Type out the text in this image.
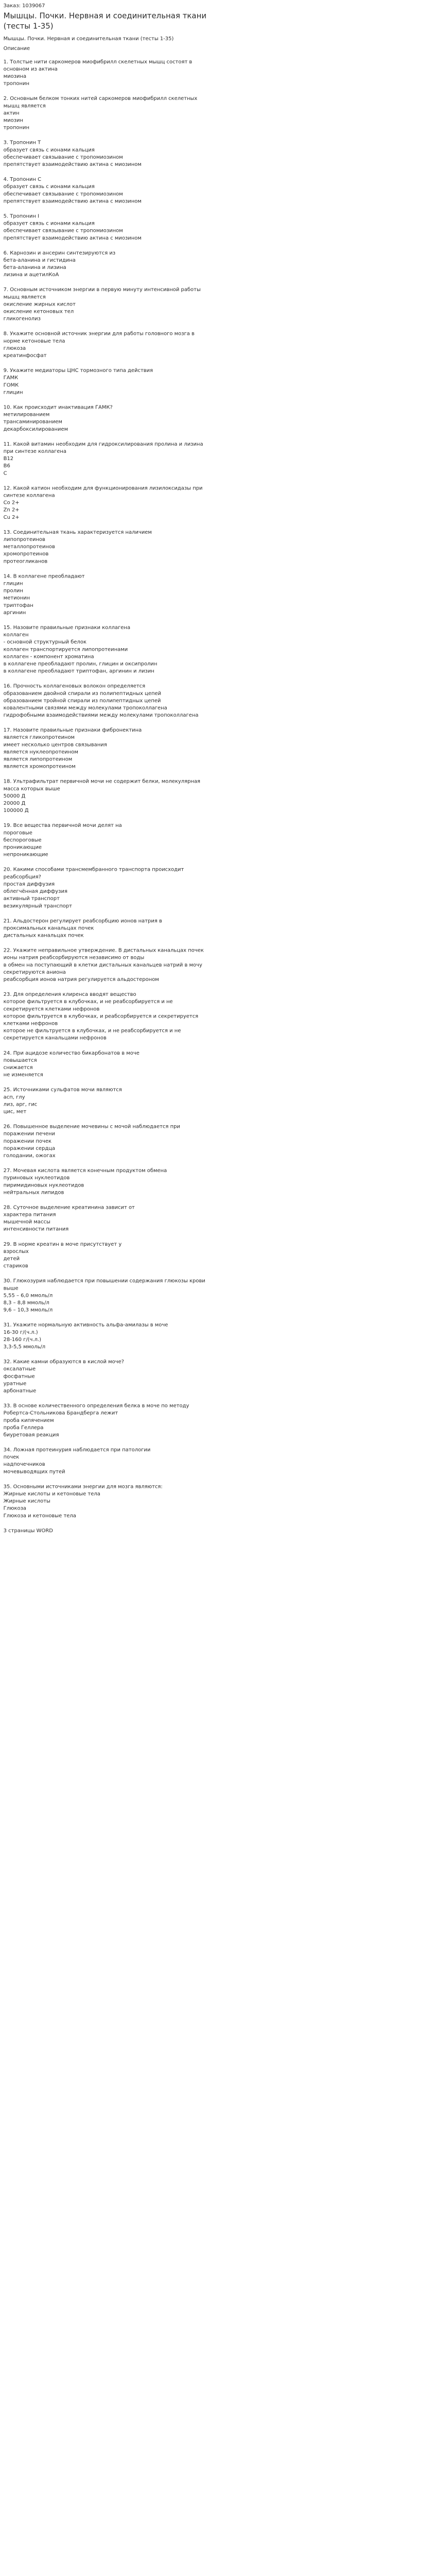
Заказ: 1039067
Мышцы. Почки. Нервная и соединительная ткани (тесты 1-35)
Мышцы. Почки. Нервная и соединительная ткани (тесты 1-35)
Описание
1. Толстые нити саркомеров миофибрилл скелетных мышц состоят в основном из актина
миозина
тропонин
2. Основным белком тонких нитей саркомеров миофибрилл скелетных мышц является
актин
миозин
тропонин
3. Тропонин Т
образует связь с ионами кальция
обеспечивает связывание с тропомиозином
препятствует взаимодействию актина с миозином
4. Тропонин С
образует связь с ионами кальция
обеспечивает связывание с тропомиозином
препятствует взаимодействию актина с миозином
5. Тропонин I
образует связь с ионами кальция
обеспечивает связывание с тропомиозином
препятствует взаимодействию актина с миозином
6. Карнозин и ансерин синтезируются из
бета-аланина и гистидина
бета-аланина и лизина
лизина и ацетилКоА
7. Основным источником энергии в первую минуту интенсивной работы мышц является
окисление жирных кислот
окисление кетоновых тел
гликогенолиз
8. Укажите основной источник энергии для работы головного мозга в норме кетоновые тела
глюкоза
креатинфосфат
9. Укажите медиаторы ЦНС тормозного типа действия
ГАМК
ГОМК
глицин
10. Как происходит инактивация ГАМК?
метилированием
трансаминированием
декарбоксилированием
11. Какой витамин необходим для гидроксилирования пролина и лизина при синтезе коллагена
В12
В6
С
12. Какой катион необходим для функционирования лизилоксидазы при синтезе коллагена
Co 2+
Zn 2+
Cu 2+
13. Соединительная ткань характеризуется наличием
липопротеинов
металлопротеинов
хромопротеинов
протеогликанов
14. В коллагене преобладают
глицин
пролин
метионин
триптофан
аргинин
15. Назовите правильные признаки коллагена
коллаген
- основной структурный белок
коллаген транспортируется липопротеинами
коллаген - компонент хроматина
в коллагене преобладают пролин, глицин и оксипролин
в коллагене преобладают триптофан, аргинин и лизин
16. Прочность коллагеновых волокон определяется
образованием двойной спирали из полипептидных цепей
образованием тройной спирали из полипептидных цепей
ковалентными связями между молекулами тропоколлагена
гидрофобными взаимодействиями между молекулами тропоколлагена
17. Назовите правильные признаки фибронектина
является гликопротеином
имеет несколько центров связывания
является нуклеопротеином
является липопротеином
является хромопротеином
18. Ультрафильтрат первичной мочи не содержит белки, молекулярная масса которых выше
50000 Д
20000 Д
100000 Д
19. Все вещества первичной мочи делят на
пороговые
беспороговые
проникающие
непроникающие
20. Какими способами трансмембранного транспорта происходит реабсорбция?
простая диффузия
облегчённая диффузия
активный транспорт
везикулярный транспорт
21. Альдостерон регулирует реабсорбцию ионов натрия в
проксимальных канальцах почек
дистальных канальцах почек
22. Укажите неправильное утверждение. В дистальных канальцах почек
ионы натрия реабсорбируются независимо от воды
в обмен на поступающий в клетки дистальных канальцев натрий в мочу секретируются аниона
реабсорбция ионов натрия регулируется альдостероном
23. Для определения клиренса вводят вещество
которое фильтруется в клубочках, и не реабсорбируется и не секретируется клетками нефронов
которое фильтруется в клубочках, и реабсорбируется и секретируется клетками нефронов
которое не фильтруется в клубочках, и не реабсорбируется и не секретируется канальцами нефронов
24. При ацидозе количество бикарбонатов в моче
повышается
снижается
не изменяется
25. Источниками сульфатов мочи являются
асп, глу
лиз, арг, гис
цис, мет
26. Повышенное выделение мочевины с мочой наблюдается при
поражении печени
поражении почек
поражении сердца
голодании, ожогах
27. Мочевая кислота является конечным продуктом обмена
пуриновых нуклеотидов
пиримидиновых нуклеотидов
нейтральных липидов
28. Суточное выделение креатинина зависит от
характера питания
мышечной массы
интенсивности питания
29. В норме креатин в моче присутствует у
взрослых
детей
стариков
30. Глюкозурия наблюдается при повышении содержания глюкозы крови выше
5,55 – 6,0 ммоль/л
8,3 – 8,8 ммоль/л
9,6 – 10,3 ммоль/л
31. Укажите нормальную активность альфа-амилазы в моче
16-30 г/(ч.л.)
28-160 г/(ч.л.)
3,3-5,5 ммоль/л
32. Какие камни образуются в кислой моче?
оксалатные
фосфатные
уратные
арбонатные
33. В основе количественного определения белка в моче по методу Робертса-Стольникова Брандберга лежит
проба кипячением
проба Геллера
биуретовая реакция
34. Ложная протеинурия наблюдается при патологии
почек
надпочечников
мочевыводящих путей
35. Основными источниками энергии для мозга являются:
Жирные кислоты и кетоновые тела
Жирные кислоты
Глюкоза
Глюкоза и кетоновые тела
3 страницы WORD
